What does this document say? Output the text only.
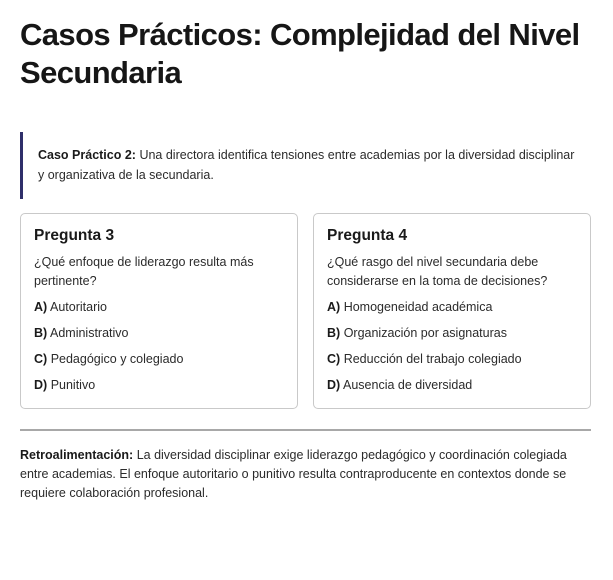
Casos Prácticos: Complejidad del Nivel Secundaria
Caso Práctico 2: Una directora identifica tensiones entre academias por la diversidad disciplinar y organizativa de la secundaria.
Pregunta 3
¿Qué enfoque de liderazgo resulta más pertinente?
A) Autoritario
B) Administrativo
C) Pedagógico y colegiado
D) Punitivo
Pregunta 4
¿Qué rasgo del nivel secundaria debe considerarse en la toma de decisiones?
A) Homogeneidad académica
B) Organización por asignaturas
C) Reducción del trabajo colegiado
D) Ausencia de diversidad
Retroalimentación: La diversidad disciplinar exige liderazgo pedagógico y coordinación colegiada entre academias. El enfoque autoritario o punitivo resulta contraproducente en contextos donde se requiere colaboración profesional.
